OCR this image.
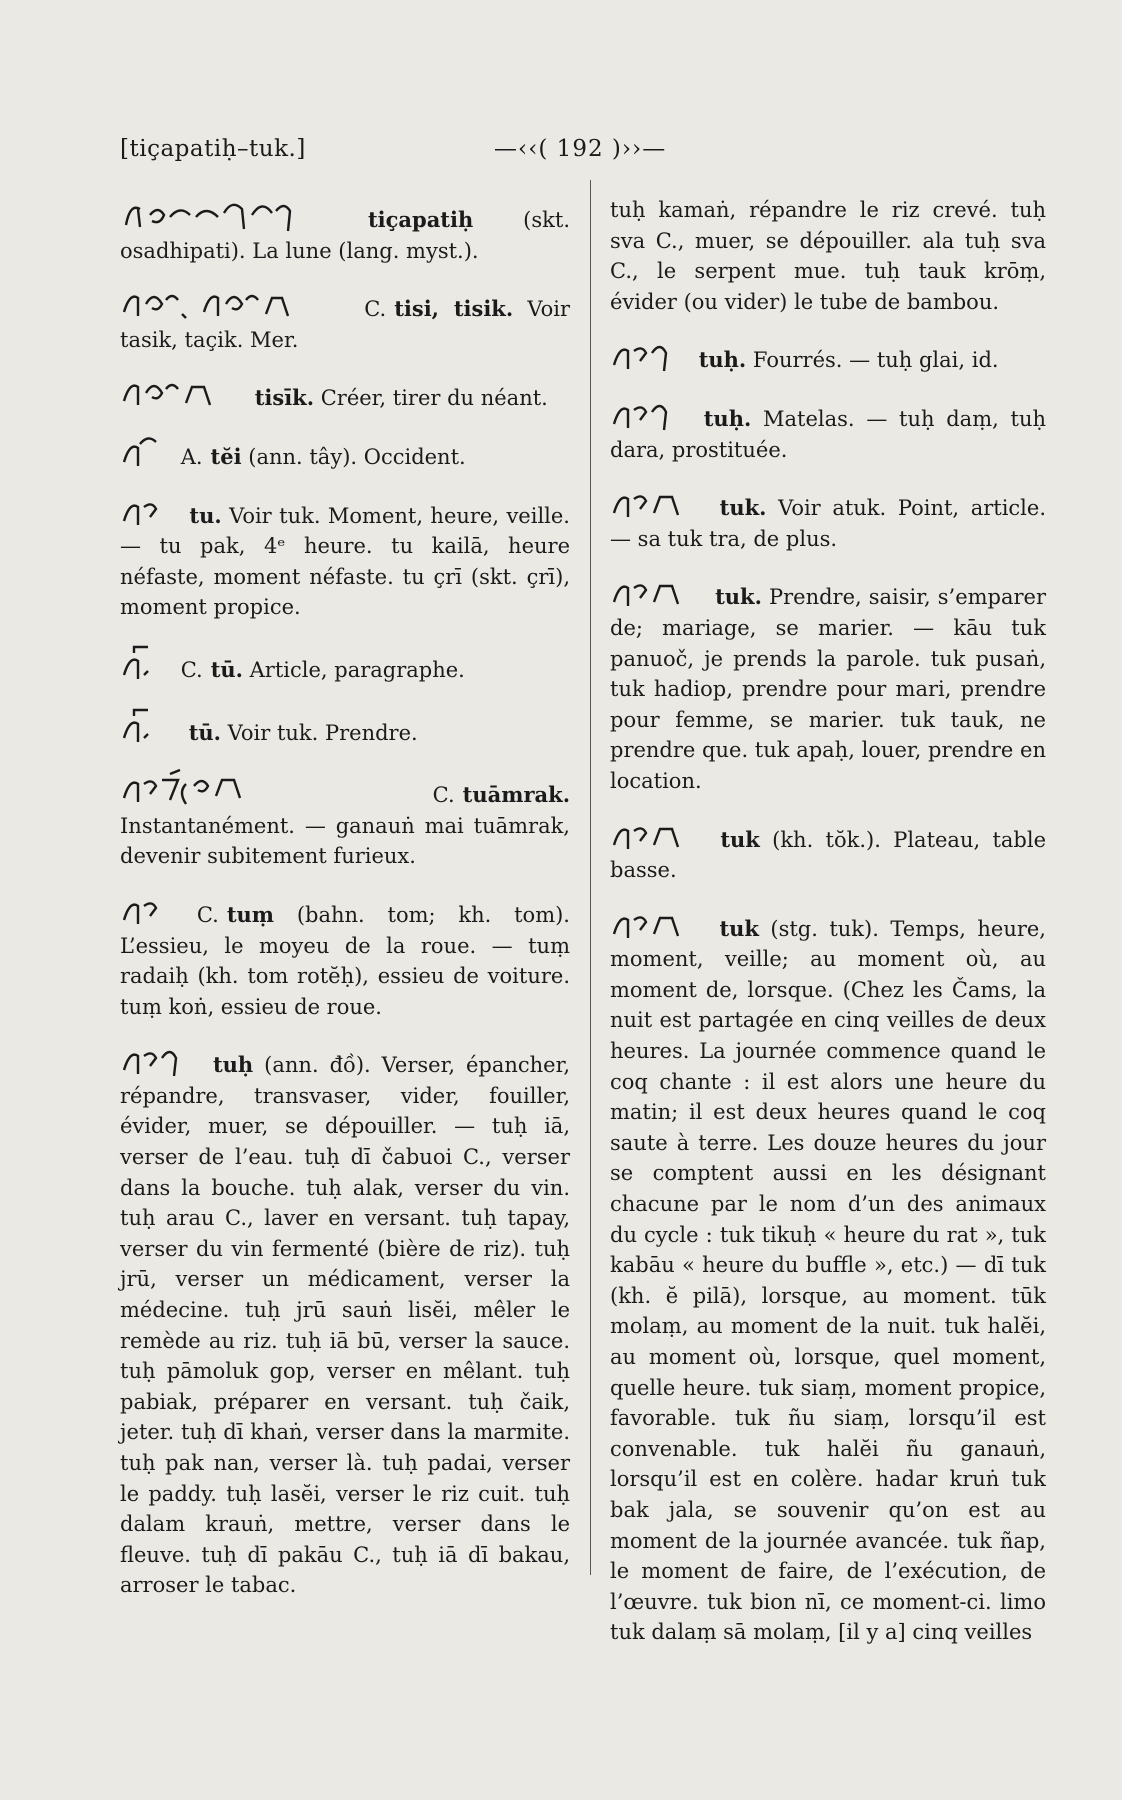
[tiçapatiḥ–tuk.]	—‹‹( 192 )››—
tiçapatiḥ (skt. osadhipati). La lune (lang. myst.).
C. tisi, tisik. Voir tasik, taçik. Mer.
tisīk. Créer, tirer du néant.
A. tĕi (ann. tây). Occident.
tu. Voir tuk. Moment, heure, veille. — tu pak, 4ᵉ heure. tu kailā, heure néfaste, moment néfaste. tu çrī (skt. çrī), moment propice.
C. tū. Article, paragraphe.
tū. Voir tuk. Prendre.
C. tuāmrak. Instantanément. — ganauṅ mai tuāmrak, devenir subitement furieux.
C. tuṃ (bahn. tom; kh. tom). L’essieu, le moyeu de la roue. — tuṃ radaiḥ (kh. tom rotĕḥ), essieu de voiture. tuṃ koṅ, essieu de roue.
tuḥ (ann. đồ). Verser, épancher, répandre, transvaser, vider, fouiller, évider, muer, se dépouiller. — tuḥ iā, verser de l’eau. tuḥ dī čabuoi C., verser dans la bouche. tuḥ alak, verser du vin. tuḥ arau C., laver en versant. tuḥ tapay, verser du vin fermenté (bière de riz). tuḥ jrū, verser un médicament, verser la médecine. tuḥ jrū sauṅ lisĕi, mêler le remède au riz. tuḥ iā bū, verser la sauce. tuḥ pāmoluk gop, verser en mêlant. tuḥ pabiak, préparer en versant. tuḥ čaik, jeter. tuḥ dī khaṅ, verser dans la marmite. tuḥ pak nan, verser là. tuḥ padai, verser le paddy. tuḥ lasĕi, verser le riz cuit. tuḥ dalam krauṅ, mettre, verser dans le fleuve. tuḥ dī pakāu C., tuḥ iā dī bakau, arroser le tabac.
tuḥ kamaṅ, répandre le riz crevé. tuḥ sva C., muer, se dépouiller. ala tuḥ sva C., le serpent mue. tuḥ tauk krōṃ, évider (ou vider) le tube de bambou.
tuḥ. Fourrés. — tuḥ glai, id.
tuḥ. Matelas. — tuḥ daṃ, tuḥ dara, prostituée.
tuk. Voir atuk. Point, article. — sa tuk tra, de plus.
tuk. Prendre, saisir, s’emparer de; mariage, se marier. — kāu tuk panuoč, je prends la parole. tuk pusaṅ, tuk hadiop, prendre pour mari, prendre pour femme, se marier. tuk tauk, ne prendre que. tuk apaḥ, louer, prendre en location.
tuk (kh. tŏk.). Plateau, table basse.
tuk (stg. tuk). Temps, heure, moment, veille; au moment où, au moment de, lorsque. (Chez les Čams, la nuit est partagée en cinq veilles de deux heures. La journée commence quand le coq chante : il est alors une heure du matin; il est deux heures quand le coq saute à terre. Les douze heures du jour se comptent aussi en les désignant chacune par le nom d’un des animaux du cycle : tuk tikuḥ « heure du rat », tuk kabāu « heure du buffle », etc.) — dī tuk (kh. ĕ pilā), lorsque, au moment. tūk molaṃ, au moment de la nuit. tuk halĕi, au moment où, lorsque, quel moment, quelle heure. tuk siaṃ, moment propice, favorable. tuk ñu siaṃ, lorsqu’il est convenable. tuk halĕi ñu ganauṅ, lorsqu’il est en colère. hadar kruṅ tuk bak jala, se souvenir qu’on est au moment de la journée avancée. tuk ñap, le moment de faire, de l’exécution, de l’œuvre. tuk bion nī, ce moment-ci. limo tuk dalaṃ sā molaṃ, [il y a] cinq veilles
